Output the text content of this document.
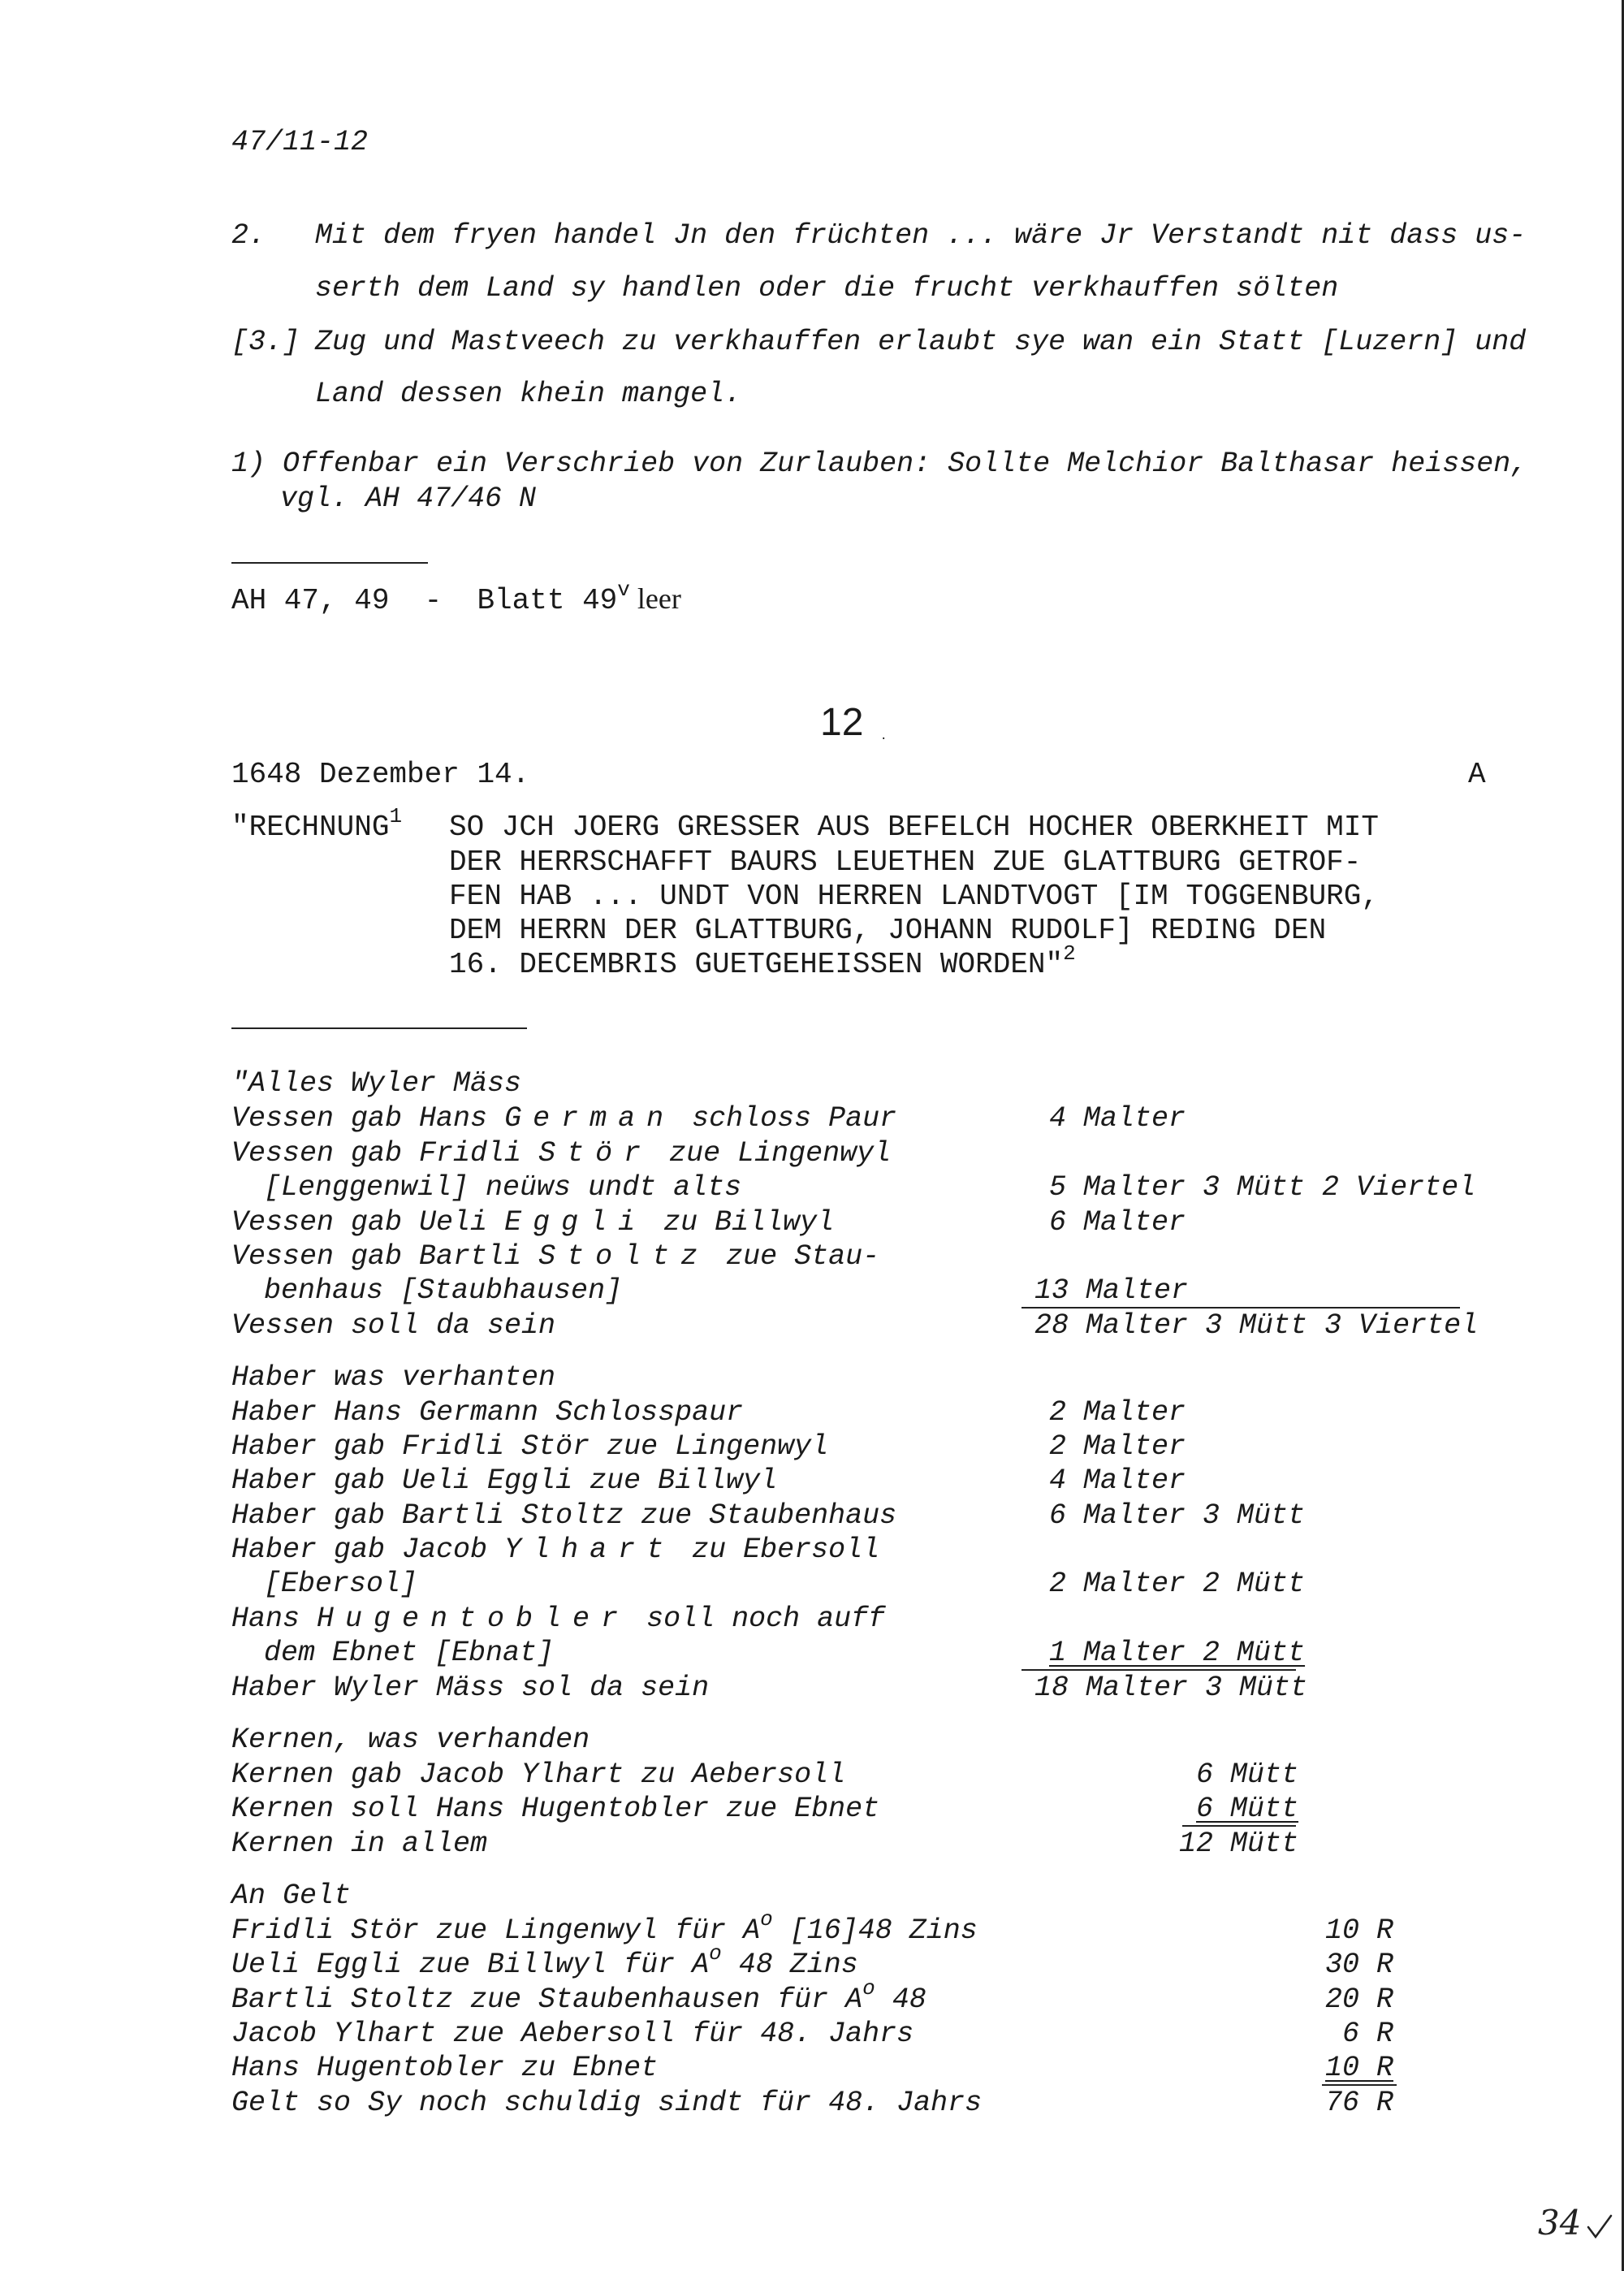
47/11-12
2. Mit dem fryen handel Jn den früchten ... wäre Jr Verstandt nit dass us-
serth dem Land sy handlen oder die frucht verkhauffen sölten
[3.] Zug und Mastveech zu verkhauffen erlaubt sye wan ein Statt [Luzern] und
Land dessen khein mangel.
1) Offenbar ein Verschrieb von Zurlauben: Sollte Melchior Balthasar heissen,
vgl. AH 47/46 N
AH 47, 49  -  Blatt 49$^v$ leer
12 .
1648 Dezember 14.	A
"RECHNUNG$^1$ SO JCH JOERG GRESSER AUS BEFELCH HOCHER OBERKHEIT MIT
DER HERRSCHAFFT BAURS LEUETHEN ZUE GLATTBURG GETROF-
FEN HAB ... UNDT VON HERREN LANDTVOGT [IM TOGGENBURG,
DEM HERRN DER GLATTBURG, JOHANN RUDOLF] REDING DEN
16. DECEMBRIS GUETGEHEISSEN WORDEN"$^2$
"Alles Wyler Mäss
Vessen gab Hans German schloss Paur	4 Malter
Vessen gab Fridli Stör zue Lingenwyl
[Lenggenwil] neüws undt alts	5 Malter 3 Mütt 2 Viertel
Vessen gab Ueli Eggli zu Billwyl	6 Malter
Vessen gab Bartli Stoltz zue Stau-
benhaus [Staubhausen]	13 Malter
Vessen soll da sein	28 Malter 3 Mütt 3 Viertel
Haber was verhanten
Haber Hans Germann Schlosspaur	2 Malter
Haber gab Fridli Stör zue Lingenwyl	2 Malter
Haber gab Ueli Eggli zue Billwyl	4 Malter
Haber gab Bartli Stoltz zue Staubenhaus	6 Malter 3 Mütt
Haber gab Jacob Ylhart zu Ebersoll
[Ebersol]	2 Malter 2 Mütt
Hans Hugentobler soll noch auff
dem Ebnet [Ebnat]	1 Malter 2 Mütt
Haber Wyler Mäss sol da sein	18 Malter 3 Mütt
Kernen, was verhanden
Kernen gab Jacob Ylhart zu Aebersoll	6 Mütt
Kernen soll Hans Hugentobler zue Ebnet	6 Mütt
Kernen in allem	12 Mütt
An Gelt
Fridli Stör zue Lingenwyl für $A^o$ [16]48 Zins	10 R
Ueli Eggli zue Billwyl für $A^o$ 48 Zins	30 R
Bartli Stoltz zue Staubenhausen für $A^o$ 48	20 R
Jacob Ylhart zue Aebersoll für 48. Jahrs	6 R
Hans Hugentobler zu Ebnet	10 R
Gelt so Sy noch schuldig sindt für 48. Jahrs	76 R
34
